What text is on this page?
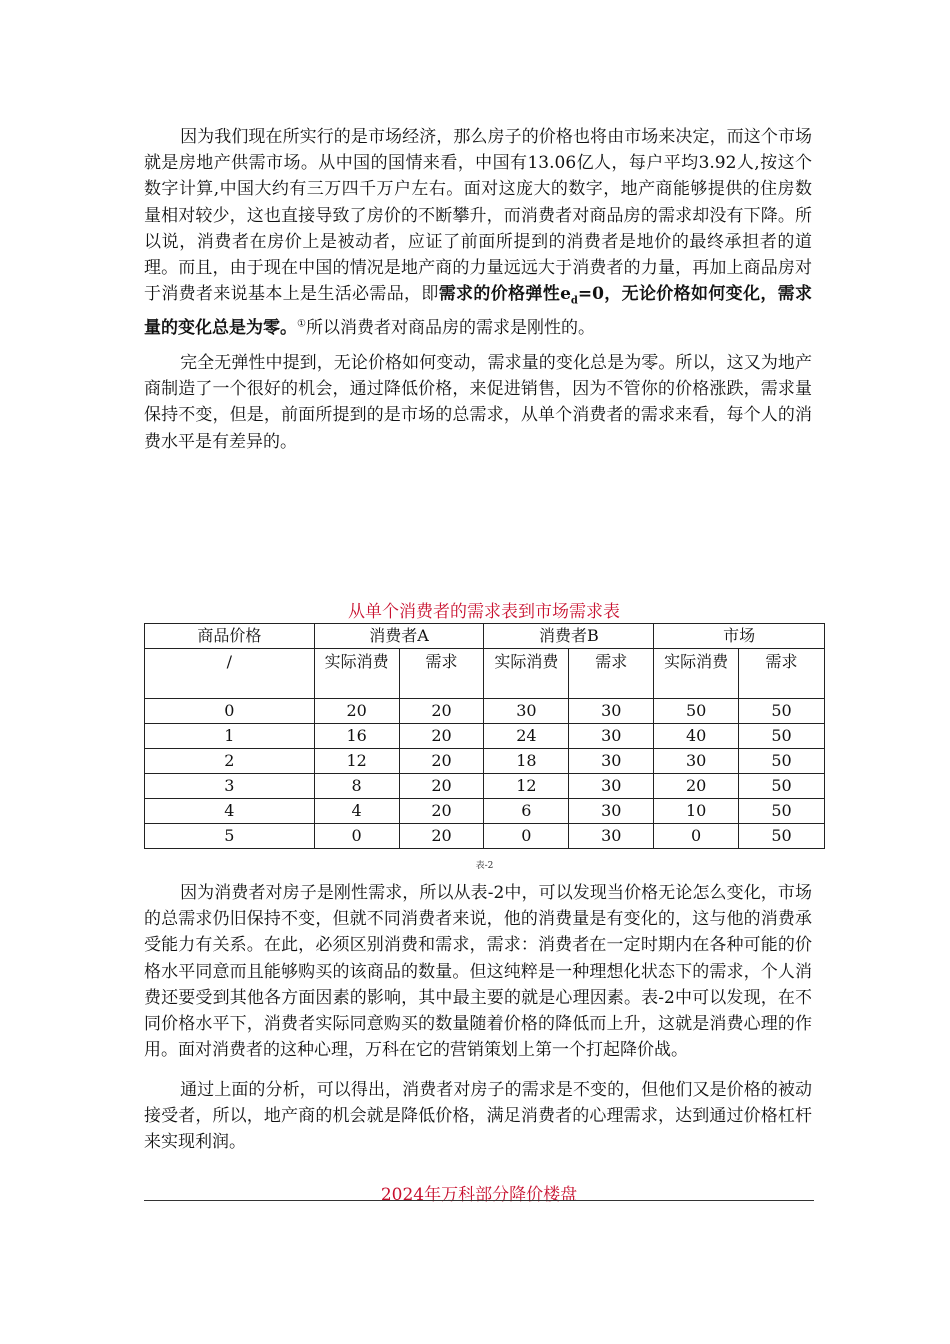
因为我们现在所实行的是市场经济，那么房子的价格也将由市场来决定，而这个市场就是房地产供需市场。从中国的国情来看，中国有13.06亿人，每户平均3.92人,按这个数字计算,中国大约有三万四千万户左右。面对这庞大的数字，地产商能够提供的住房数量相对较少，这也直接导致了房价的不断攀升，而消费者对商品房的需求却没有下降。所以说，消费者在房价上是被动者，应证了前面所提到的消费者是地价的最终承担者的道理。而且，由于现在中国的情况是地产商的力量远远大于消费者的力量，再加上商品房对于消费者来说基本上是生活必需品，即需求的价格弹性$e_d=0$，无论价格如何变化，需求量的变化总是为零。①所以消费者对商品房的需求是刚性的。

完全无弹性中提到，无论价格如何变动，需求量的变化总是为零。所以，这又为地产商制造了一个很好的机会，通过降低价格，来促进销售，因为不管你的价格涨跌，需求量保持不变，但是，前面所提到的是市场的总需求，从单个消费者的需求来看，每个人的消费水平是有差异的。

从单个消费者的需求表到市场需求表
商品价格	消费者A		消费者B		市场	
/	实际消费	需求	实际消费	需求	实际消费	需求
0	20	20	30	30	50	50
1	16	20	24	30	40	50
2	12	20	18	30	30	50
3	8	20	12	30	20	50
4	4	20	6	30	10	50
5	0	20	0	30	0	50
表-2

因为消费者对房子是刚性需求，所以从表-2中，可以发现当价格无论怎么变化，市场的总需求仍旧保持不变，但就不同消费者来说，他的消费量是有变化的，这与他的消费承受能力有关系。在此，必须区别消费和需求，需求：消费者在一定时期内在各种可能的价格水平同意而且能够购买的该商品的数量。但这纯粹是一种理想化状态下的需求，个人消费还要受到其他各方面因素的影响，其中最主要的就是心理因素。表-2中可以发现，在不同价格水平下，消费者实际同意购买的数量随着价格的降低而上升，这就是消费心理的作用。面对消费者的这种心理，万科在它的营销策划上第一个打起降价战。

通过上面的分析，可以得出，消费者对房子的需求是不变的，但他们又是价格的被动接受者，所以，地产商的机会就是降低价格，满足消费者的心理需求，达到通过价格杠杆来实现利润。

2024年万科部分降价楼盘
